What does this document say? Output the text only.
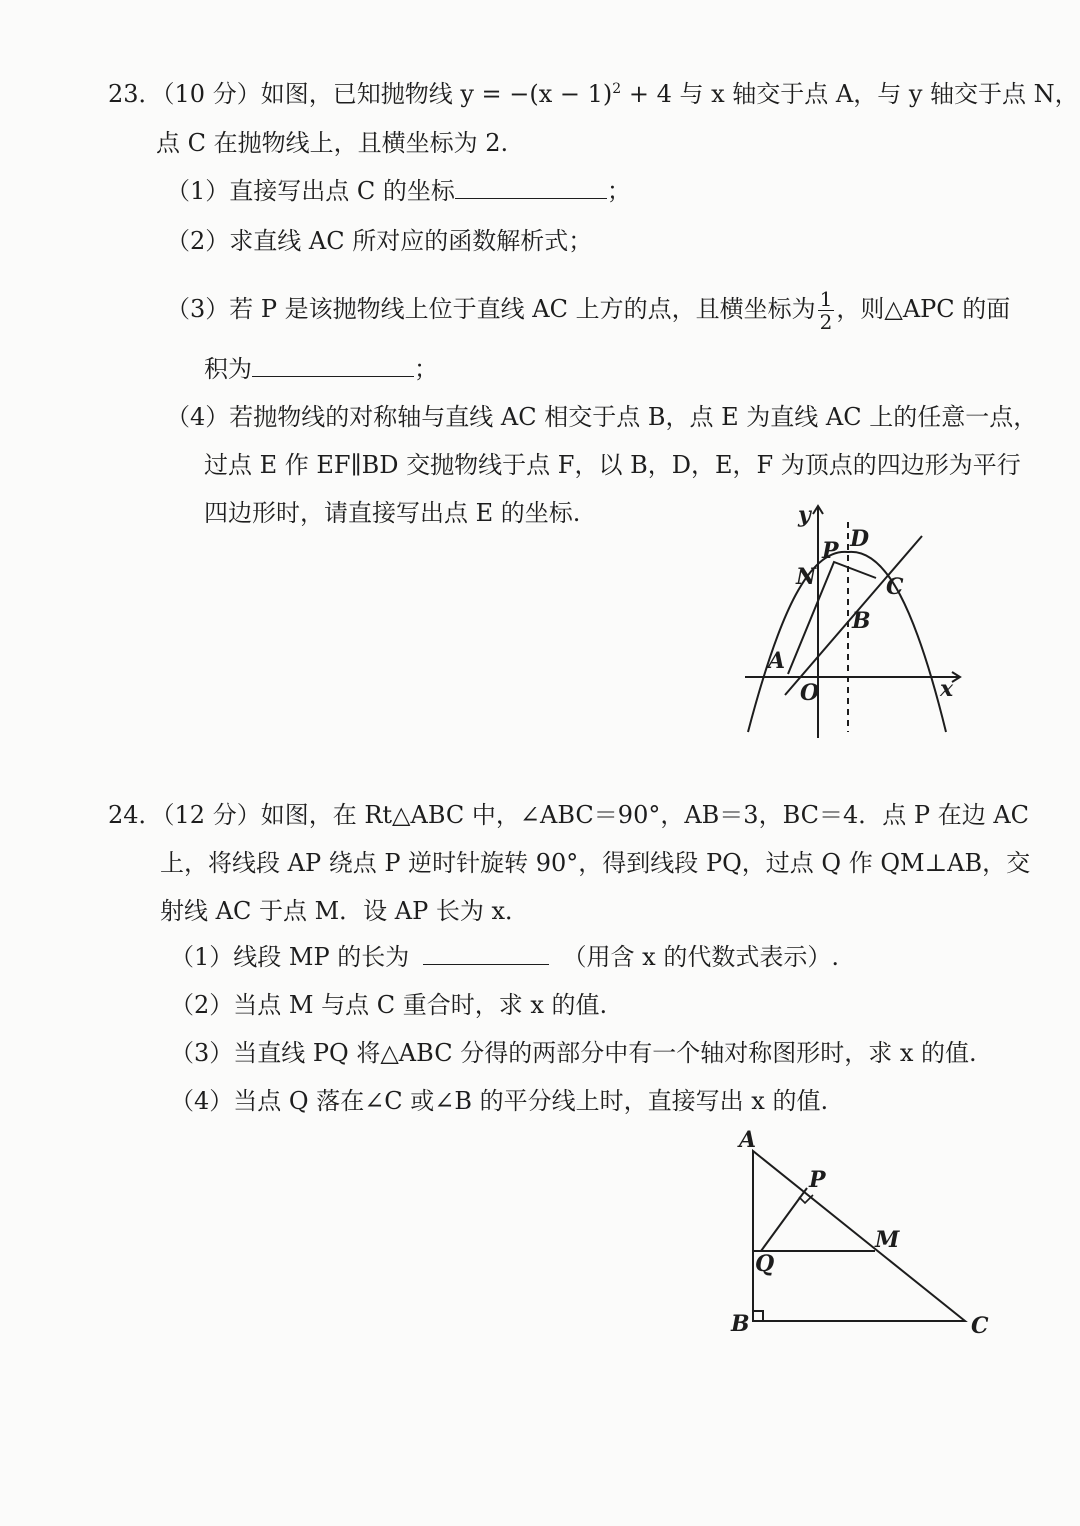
23．（10 分）如图，已知抛物线 $y = -(x - 1)^2 + 4$ 与 x 轴交于点 A，与 y 轴交于点 N，
点 C 在抛物线上，且横坐标为 2.
（1）直接写出点 C 的坐标	；
（2）求直线 AC 所对应的函数解析式；
（3）若 P 是该抛物线上位于直线 AC 上方的点，且横坐标为 $\frac{1}{2}$ ，则△APC 的面
积为	；
（4）若抛物线的对称轴与直线 AC 相交于点 B，点 E 为直线 AC 上的任意一点，
过点 E 作 EF∥BD 交抛物线于点 F，以 B，D，E，F 为顶点的四边形为平行
四边形时，请直接写出点 E 的坐标.	y
x
O
A
N
P D
C
B
24．（12 分）如图，在 Rt△ABC 中，∠ABC＝90°，AB＝3，BC＝4．点 P 在边 AC
上，将线段 AP 绕点 P 逆时针旋转 90°，得到线段 PQ，过点 Q 作 QM⊥AB，交
射线 AC 于点 M．设 AP 长为 x．
（1）线段 MP 的长为	（用含 x 的代数式表示）.
（2）当点 M 与点 C 重合时，求 x 的值.
（3）当直线 PQ 将△ABC 分得的两部分中有一个轴对称图形时，求 x 的值.
（4）当点 Q 落在∠C 或∠B 的平分线上时，直接写出 x 的值.
A
B	C
P
Q
M
